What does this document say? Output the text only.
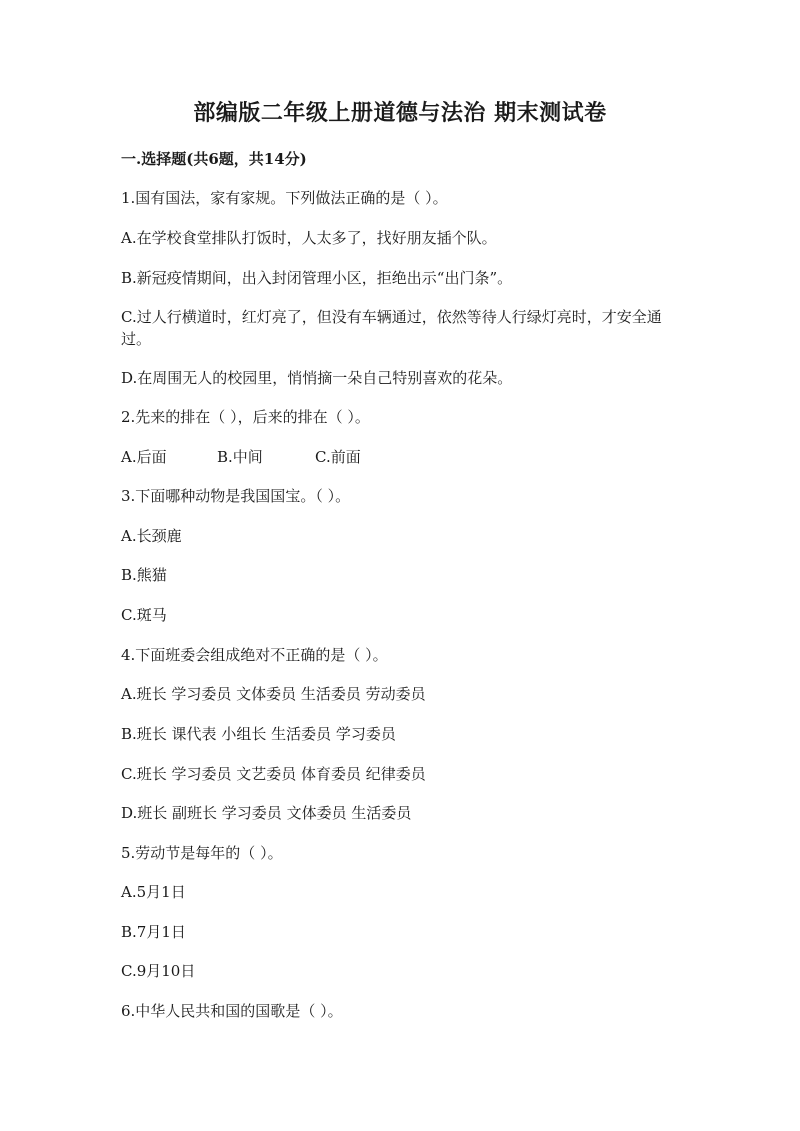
部编版二年级上册道德与法治 期末测试卷
一.选择题(共6题，共14分)
1.国有国法，家有家规。下列做法正确的是（ ）。
A.在学校食堂排队打饭时，人太多了，找好朋友插个队。
B.新冠疫情期间，出入封闭管理小区，拒绝出示“出门条”。
C.过人行横道时，红灯亮了，但没有车辆通过，依然等待人行绿灯亮时，才安全通过。
D.在周围无人的校园里，悄悄摘一朵自己特别喜欢的花朵。
2.先来的排在（ ），后来的排在（ ）。
A.后面	B.中间	C.前面
3.下面哪种动物是我国国宝。（ ）。
A.长颈鹿
B.熊猫
C.斑马
4.下面班委会组成绝对不正确的是（ ）。
A.班长 学习委员 文体委员 生活委员 劳动委员
B.班长 课代表 小组长 生活委员 学习委员
C.班长 学习委员 文艺委员 体育委员 纪律委员
D.班长 副班长 学习委员 文体委员 生活委员
5.劳动节是每年的（ ）。
A.5月1日
B.7月1日
C.9月10日
6.中华人民共和国的国歌是（ ）。
